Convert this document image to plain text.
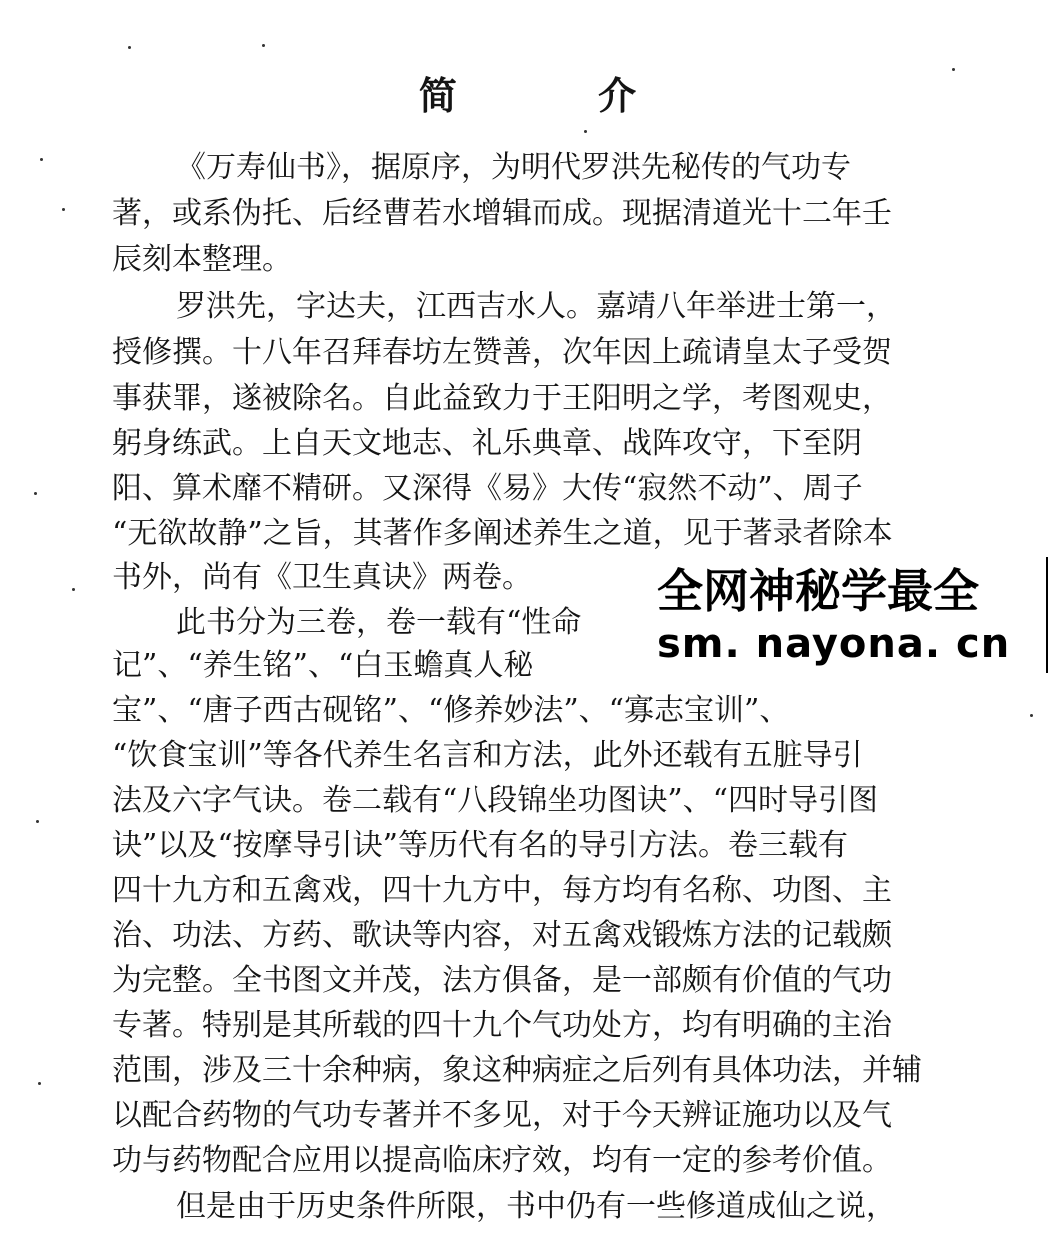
简 介
《万寿仙书》，据原序，为明代罗洪先秘传的气功专
著，或系伪托、后经曹若水增辑而成。现据清道光十二年壬
辰刻本整理。
罗洪先，字达夫，江西吉水人。嘉靖八年举进士第一，
授修撰。十八年召拜春坊左赞善，次年因上疏请皇太子受贺
事获罪，遂被除名。自此益致力于王阳明之学，考图观史，
躬身练武。上自天文地志、礼乐典章、战阵攻守，下至阴
阳、算术靡不精研。又深得《易》大传“寂然不动”、周子
“无欲故静”之旨，其著作多阐述养生之道，见于著录者除本
书外，尚有《卫生真诀》两卷。
此书分为三卷，卷一载有“性命
记”、“养生铭”、“白玉蟾真人秘
宝”、“唐子西古砚铭”、“修养妙法”、“寡志宝训”、
“饮食宝训”等各代养生名言和方法，此外还载有五脏导引
法及六字气诀。卷二载有“八段锦坐功图诀”、“四时导引图
诀”以及“按摩导引诀”等历代有名的导引方法。卷三载有
四十九方和五禽戏，四十九方中，每方均有名称、功图、主
治、功法、方药、歌诀等内容，对五禽戏锻炼方法的记载颇
为完整。全书图文并茂，法方俱备，是一部颇有价值的气功
专著。特别是其所载的四十九个气功处方，均有明确的主治
范围，涉及三十余种病，象这种病症之后列有具体功法，并辅
以配合药物的气功专著并不多见，对于今天辨证施功以及气
功与药物配合应用以提高临床疗效，均有一定的参考价值。
但是由于历史条件所限，书中仍有一些修道成仙之说，
全网神秘学最全
sm. nayona. cn
